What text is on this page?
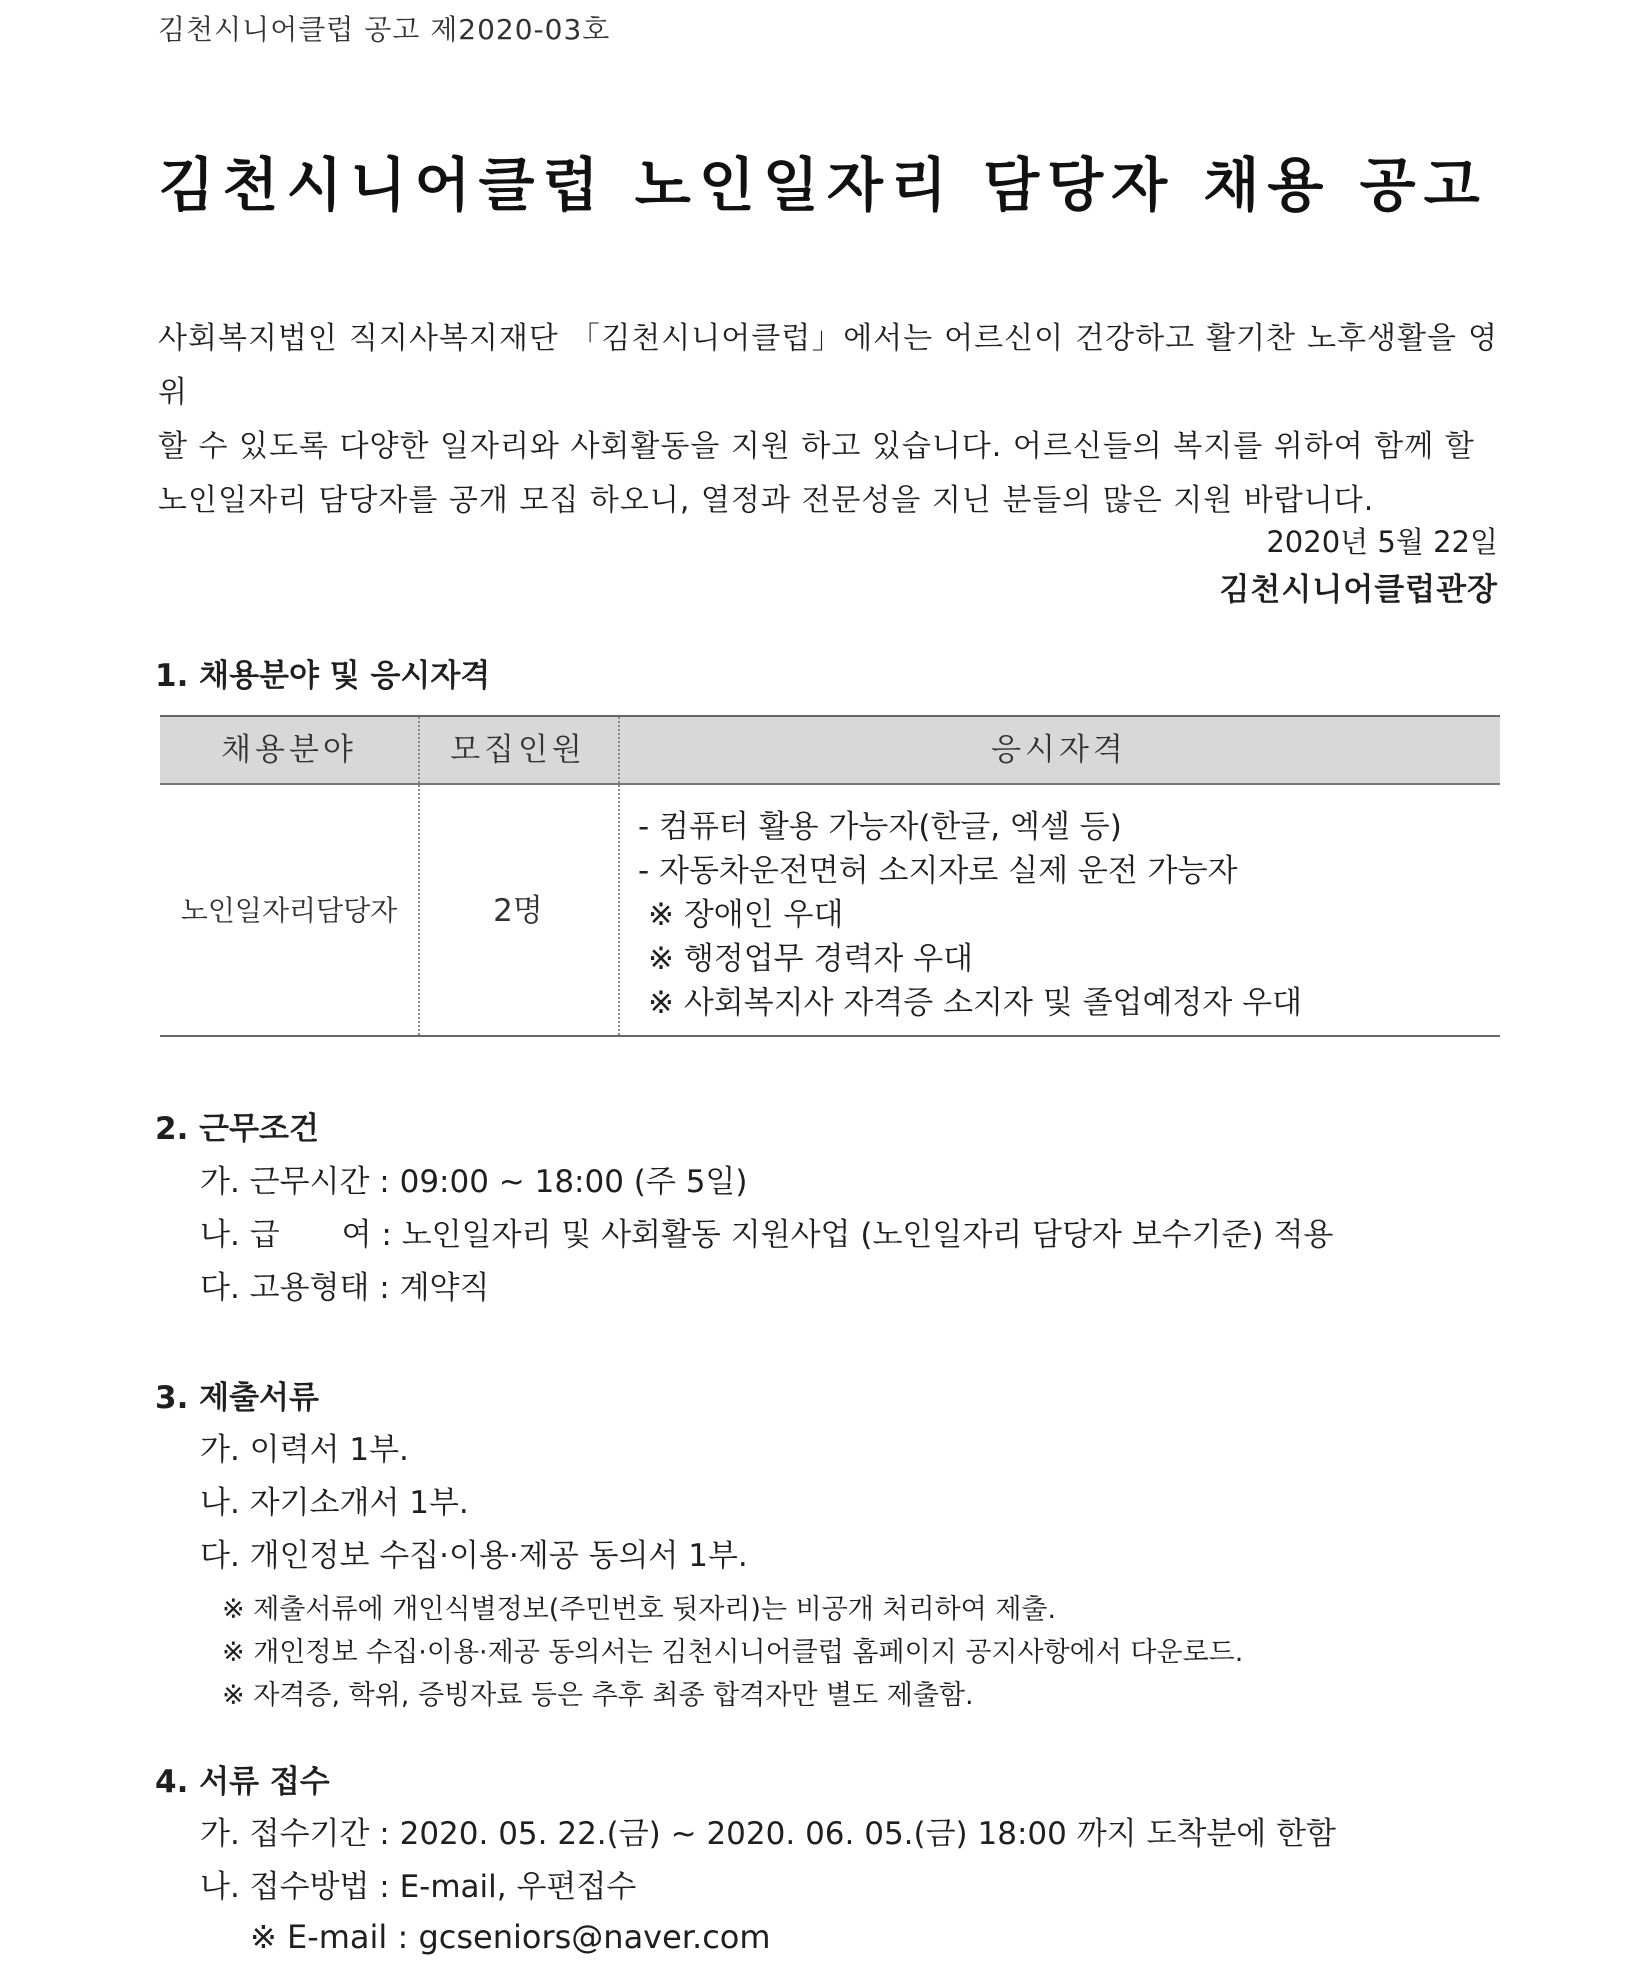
김천시니어클럽 공고 제2020-03호
김천시니어클럽 노인일자리 담당자 채용 공고

사회복지법인 직지사복지재단 「김천시니어클럽」에서는 어르신이 건강하고 활기찬 노후생활을 영위

할 수 있도록 다양한 일자리와 사회활동을 지원 하고 있습니다. 어르신들의 복지를 위하여 함께 할

노인일자리 담당자를 공개 모집 하오니, 열정과 전문성을 지닌 분들의 많은 지원 바랍니다.

2020년 5월 22일
김천시니어클럽관장
1. 채용분야 및 응시자격
채용분야	모집인원	응시자격
노인일자리담당자	2명
- 컴퓨터 활용 가능자(한글, 엑셀 등)
- 자동차운전면허 소지자로 실제 운전 가능자
※ 장애인 우대
※ 행정업무 경력자 우대
※ 사회복지사 자격증 소지자 및 졸업예정자 우대
2. 근무조건
가. 근무시간 : 09:00 ~ 18:00 (주 5일)
나. 급　　여 : 노인일자리 및 사회활동 지원사업 (노인일자리 담당자 보수기준) 적용
다. 고용형태 : 계약직
3. 제출서류
가. 이력서 1부.
나. 자기소개서 1부.
다. 개인정보 수집·이용·제공 동의서 1부.
※ 제출서류에 개인식별정보(주민번호 뒷자리)는 비공개 처리하여 제출.
※ 개인정보 수집·이용·제공 동의서는 김천시니어클럽 홈페이지 공지사항에서 다운로드.
※ 자격증, 학위, 증빙자료 등은 추후 최종 합격자만 별도 제출함.
4. 서류 접수
가. 접수기간 : 2020. 05. 22.(금) ~ 2020. 06. 05.(금) 18:00 까지 도착분에 한함
나. 접수방법 : E-mail, 우편접수
※ E-mail : gcseniors@naver.com
